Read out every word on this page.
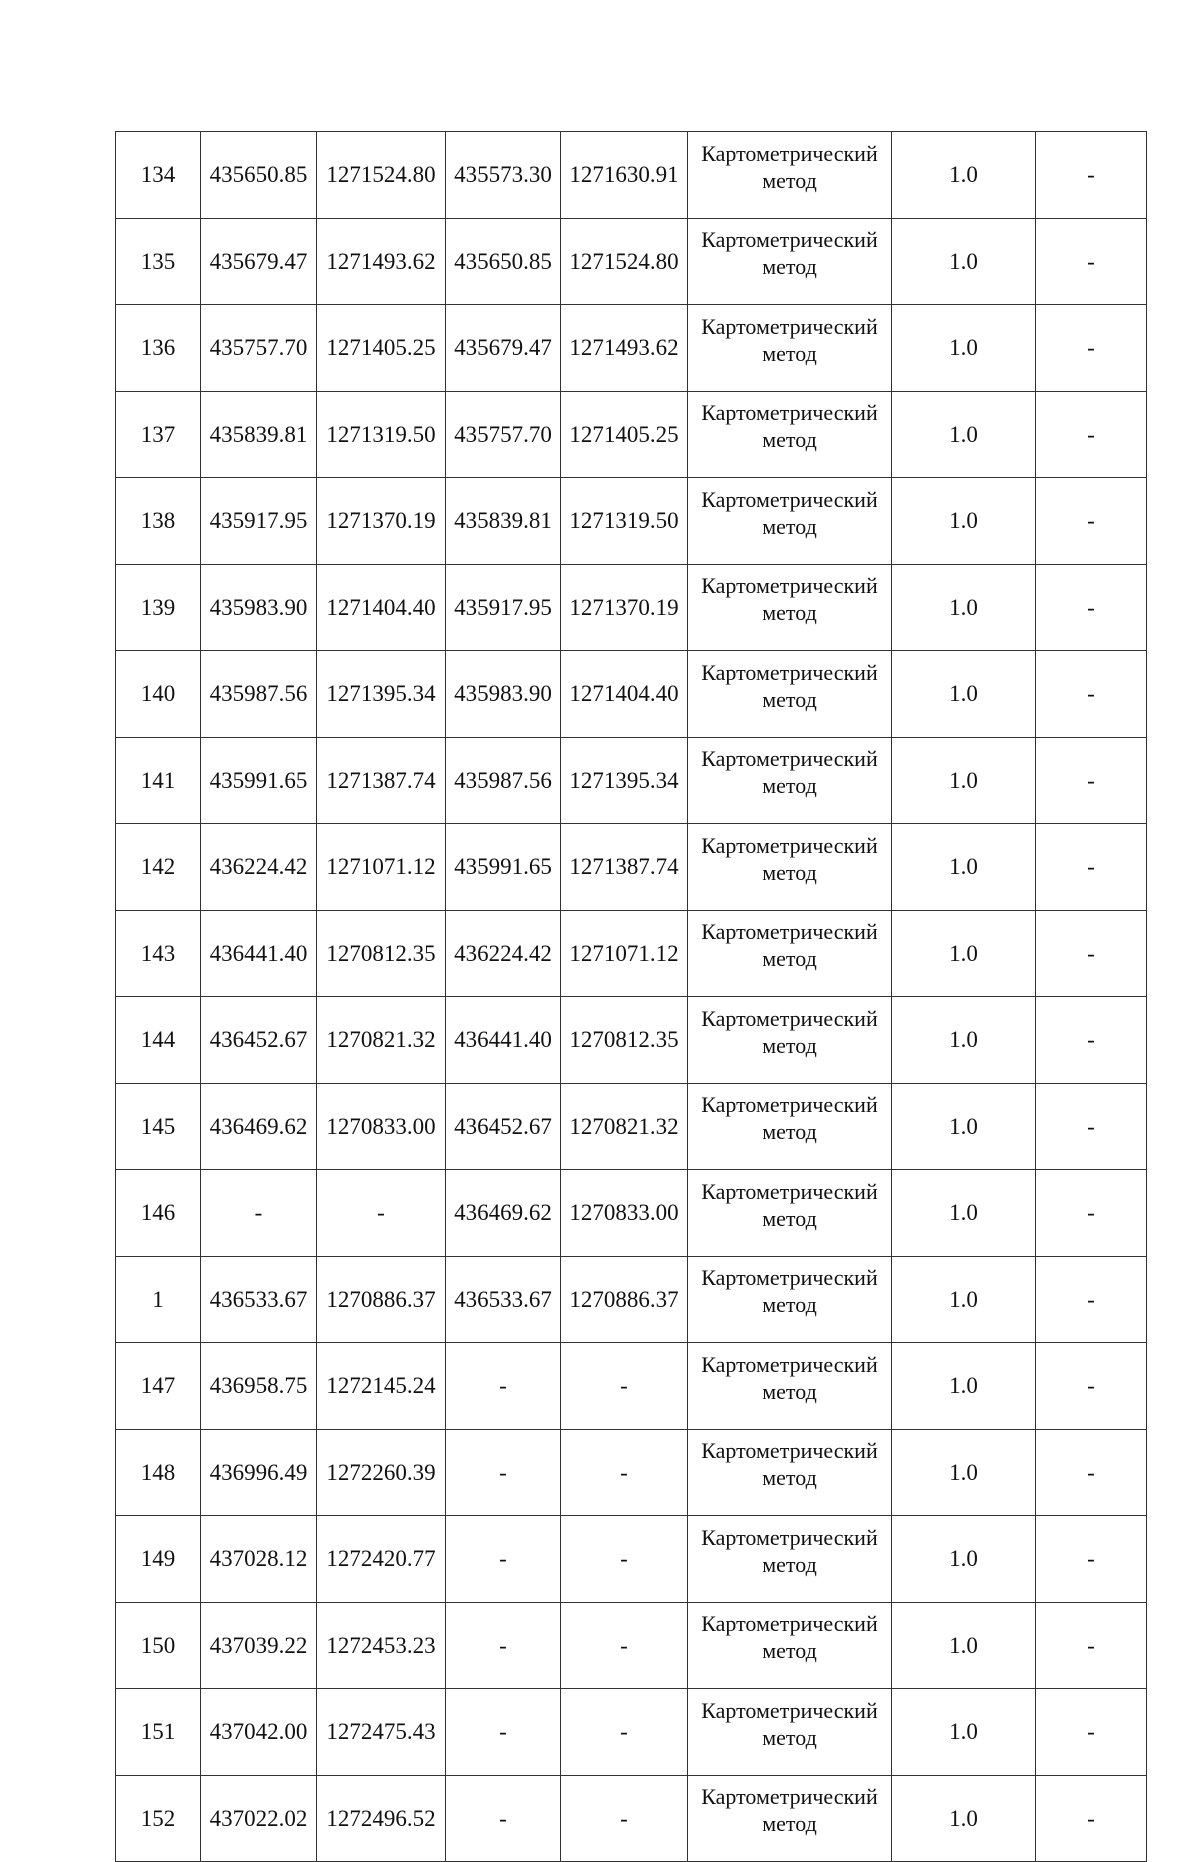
134	435650.85	1271524.80	435573.30	1271630.91	Картометрический метод	1.0	-
135	435679.47	1271493.62	435650.85	1271524.80	Картометрический метод	1.0	-
136	435757.70	1271405.25	435679.47	1271493.62	Картометрический метод	1.0	-
137	435839.81	1271319.50	435757.70	1271405.25	Картометрический метод	1.0	-
138	435917.95	1271370.19	435839.81	1271319.50	Картометрический метод	1.0	-
139	435983.90	1271404.40	435917.95	1271370.19	Картометрический метод	1.0	-
140	435987.56	1271395.34	435983.90	1271404.40	Картометрический метод	1.0	-
141	435991.65	1271387.74	435987.56	1271395.34	Картометрический метод	1.0	-
142	436224.42	1271071.12	435991.65	1271387.74	Картометрический метод	1.0	-
143	436441.40	1270812.35	436224.42	1271071.12	Картометрический метод	1.0	-
144	436452.67	1270821.32	436441.40	1270812.35	Картометрический метод	1.0	-
145	436469.62	1270833.00	436452.67	1270821.32	Картометрический метод	1.0	-
146	-	-	436469.62	1270833.00	Картометрический метод	1.0	-
1	436533.67	1270886.37	436533.67	1270886.37	Картометрический метод	1.0	-
147	436958.75	1272145.24	-	-	Картометрический метод	1.0	-
148	436996.49	1272260.39	-	-	Картометрический метод	1.0	-
149	437028.12	1272420.77	-	-	Картометрический метод	1.0	-
150	437039.22	1272453.23	-	-	Картометрический метод	1.0	-
151	437042.00	1272475.43	-	-	Картометрический метод	1.0	-
152	437022.02	1272496.52	-	-	Картометрический метод	1.0	-
